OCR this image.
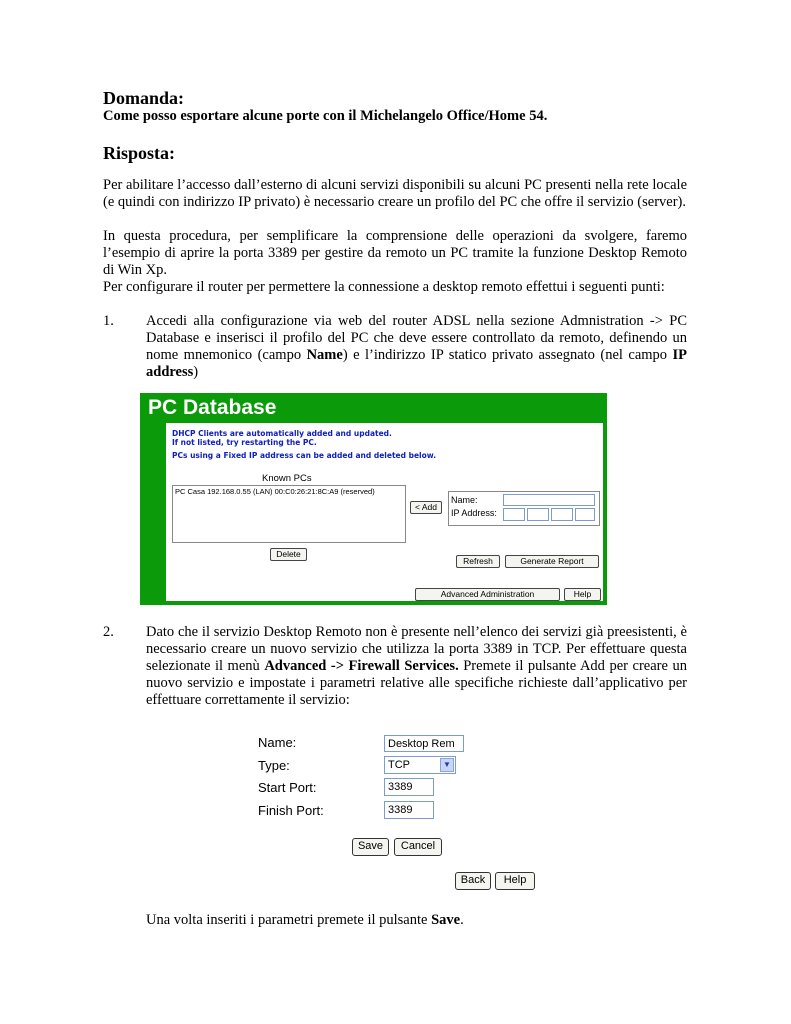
Domanda:

Come posso esportare alcune porte con il Michelangelo Office/Home 54.

Risposta:

Per abilitare l’accesso dall’esterno di alcuni servizi disponibili su alcuni PC presenti nella rete locale (e quindi con indirizzo IP privato) è necessario creare un profilo del PC che offre il servizio (server).

In questa procedura, per semplificare la comprensione delle operazioni da svolgere, faremo l’esempio di aprire la porta 3389 per gestire da remoto un PC tramite la funzione Desktop Remoto di Win Xp.

Per configurare il router per permettere la connessione a desktop remoto effettui i seguenti punti:

1. Accedi alla configurazione via web del router ADSL nella sezione Admnistration -> PC Database e inserisci il profilo del PC che deve essere controllato da remoto, definendo un nome mnemonico (campo Name) e l’indirizzo IP statico privato assegnato (nel campo IP address)

PC Database
DHCP Clients are automatically added and updated.
If not listed, try restarting the PC.
PCs using a Fixed IP address can be added and deleted below.
Known PCs
PC Casa 192.168.0.55 (LAN) 00:C0:26:21:8C:A9 (reserved)
< Add
Name:
IP Address:
Delete
Refresh	Generate Report
Advanced Administration	Help
2. Dato che il servizio Desktop Remoto non è presente nell’elenco dei servizi già preesistenti, è necessario creare un nuovo servizio che utilizza la porta 3389 in TCP. Per effettuare questa selezionate il menù Advanced -> Firewall Services. Premete il pulsante Add per creare un nuovo servizio e impostate i parametri relative alle specifiche richieste dall’applicativo per effettuare correttamente il servizio:

Name:	Desktop Rem
Type:	TCP	▼
Start Port:	3389
Finish Port:	3389
Save	Cancel
Back	Help

Una volta inseriti i parametri premete il pulsante Save.
